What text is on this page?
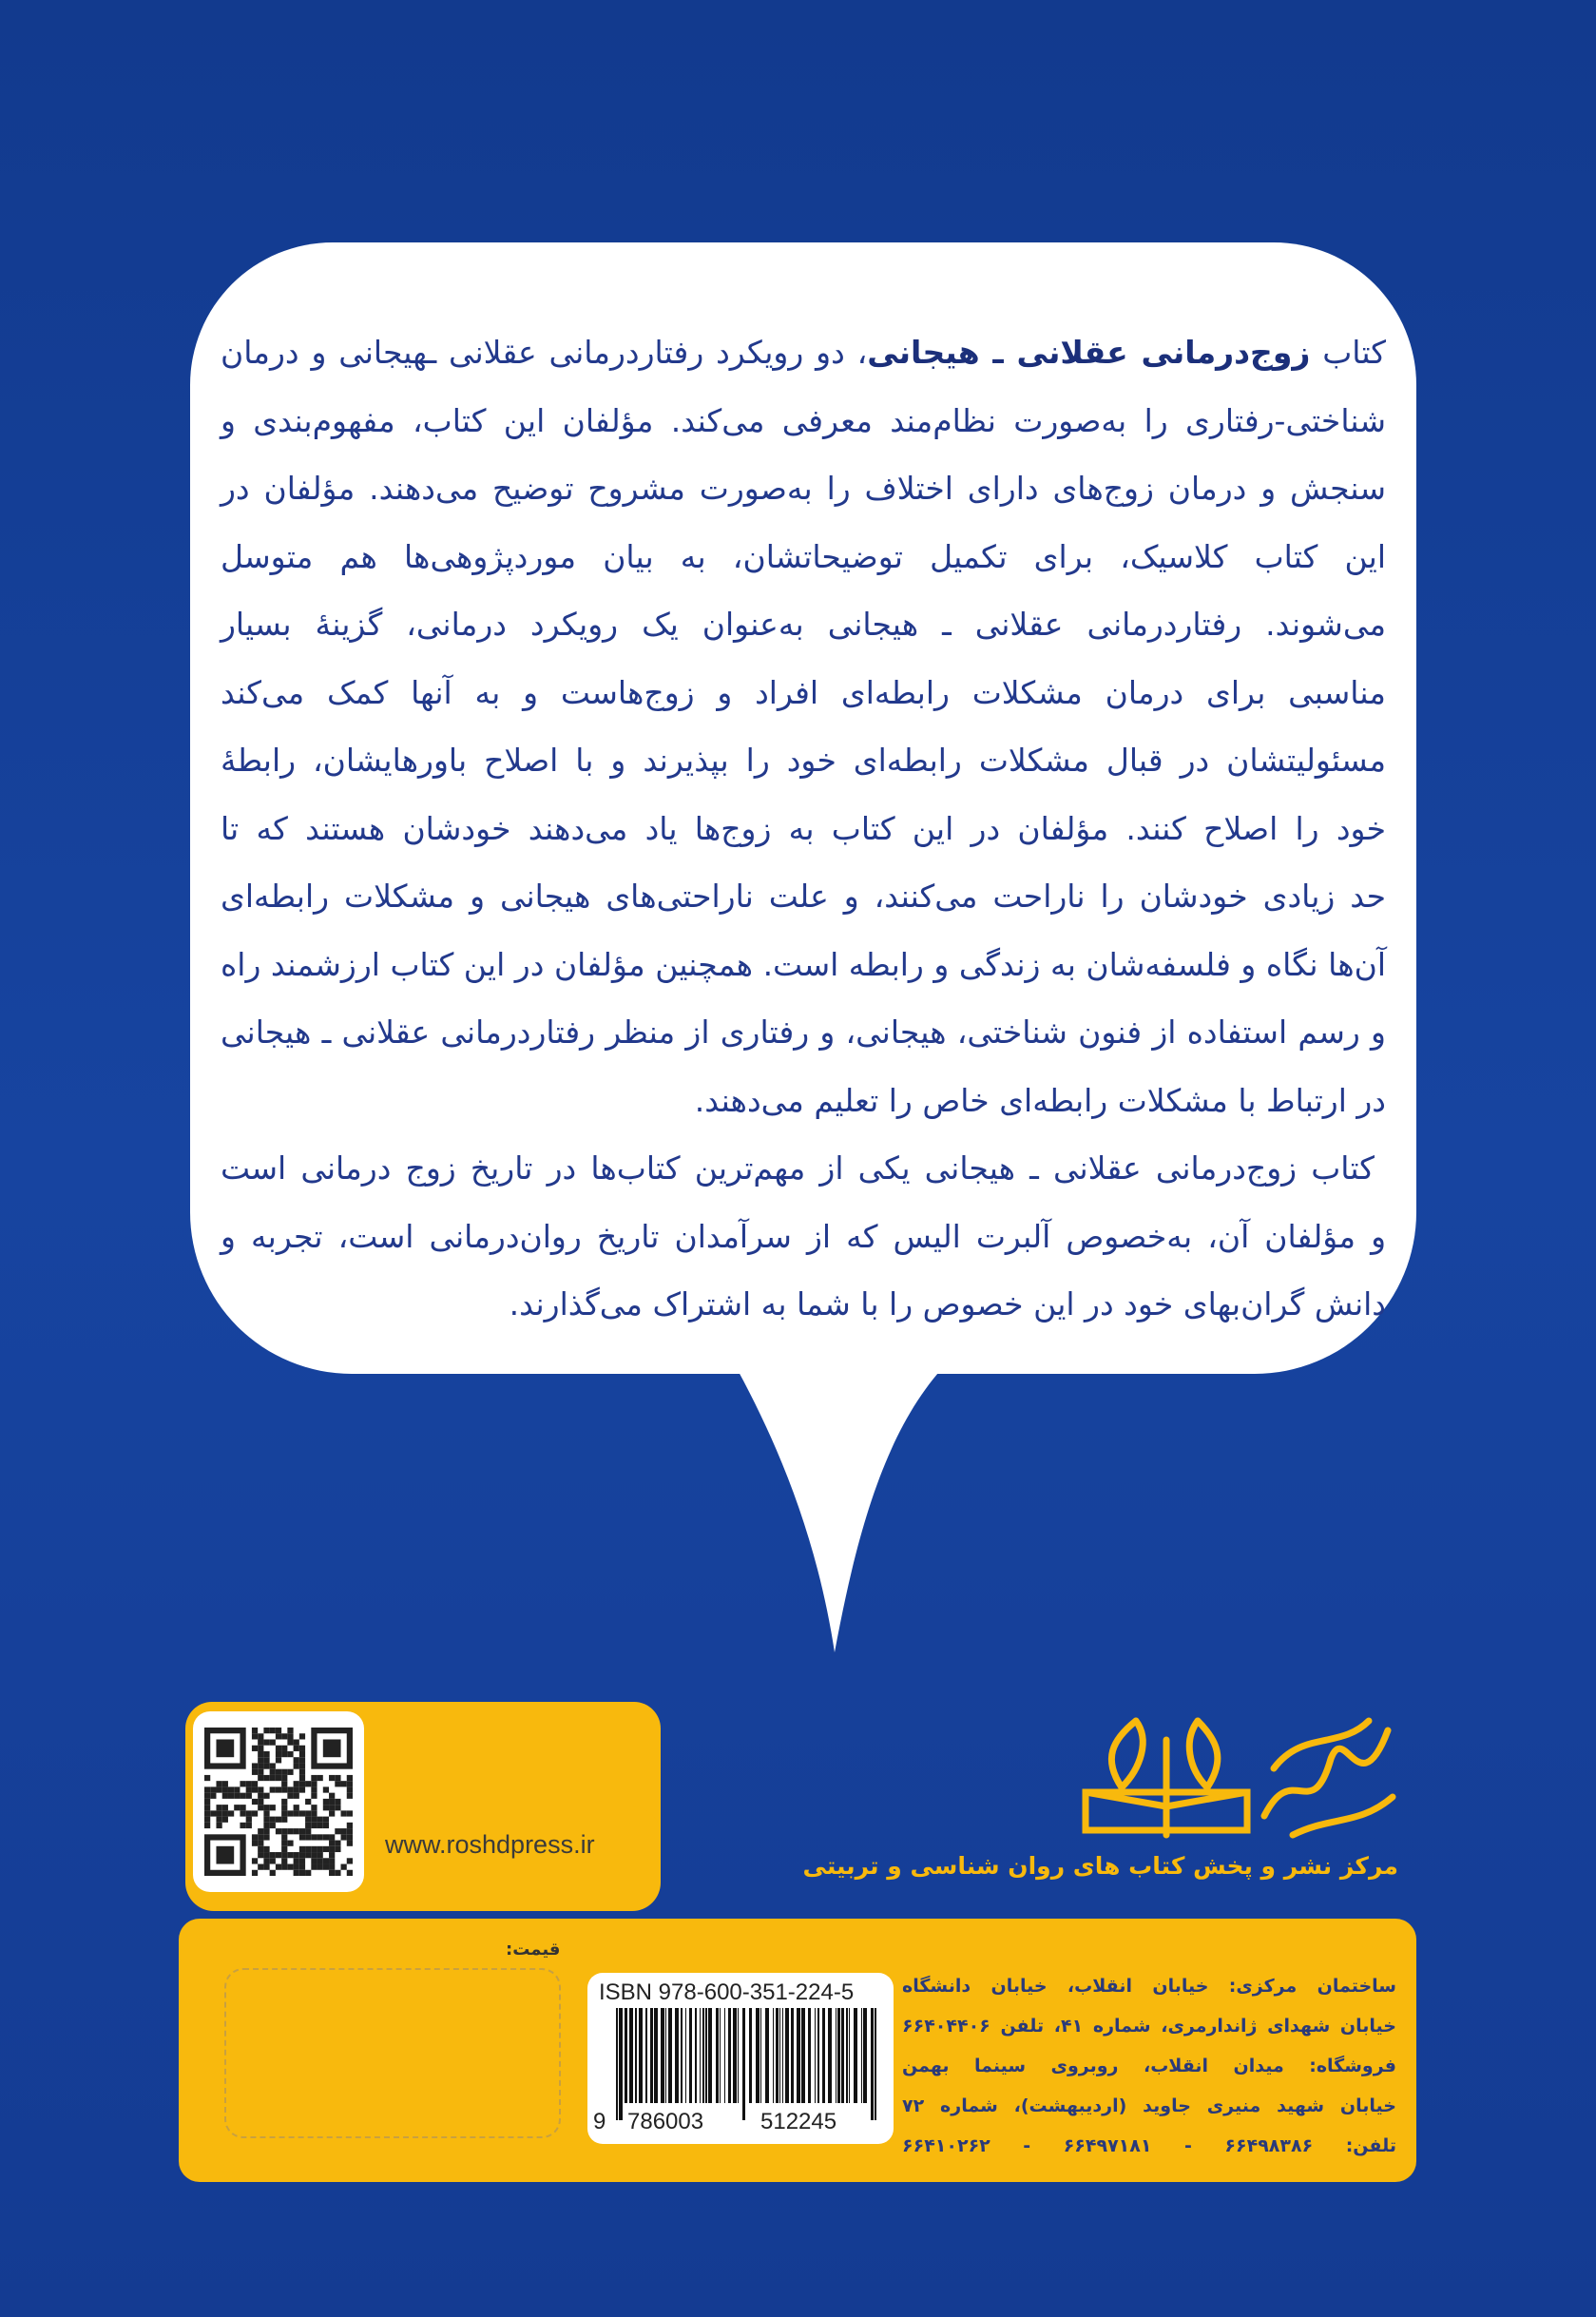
کتاب زوج‌درمانی عقلانی ـ هیجانی، دو رویکرد رفتاردرمانی عقلانی ـهیجانی و درمان
شناختی-رفتاری را به‌صورت نظام‌مند معرفی می‌کند. مؤلفان این کتاب، مفهوم‌بندی و
سنجش و درمان زوج‌های دارای اختلاف را به‌صورت مشروح توضیح می‌دهند. مؤلفان در
این کتاب کلاسیک، برای تکمیل توضیحاتشان، به بیان موردپژوهی‌ها هم متوسل
می‌شوند. رفتاردرمانی عقلانی ـ هیجانی به‌عنوان یک رویکرد درمانی، گزینهٔ بسیار
مناسبی برای درمان مشکلات رابطه‌ای افراد و زوج‌هاست و به آنها کمک می‌کند
مسئولیتشان در قبال مشکلات رابطه‌ای خود را بپذیرند و با اصلاح باورهایشان، رابطهٔ
خود را اصلاح کنند. مؤلفان در این کتاب به زوج‌ها یاد می‌دهند خودشان هستند که تا
حد زیادی خودشان را ناراحت می‌کنند، و علت ناراحتی‌های هیجانی و مشکلات رابطه‌ای
آن‌ها نگاه و فلسفه‌شان به زندگی و رابطه است. همچنین مؤلفان در این کتاب ارزشمند راه
و رسم استفاده از فنون شناختی، هیجانی، و رفتاری از منظر رفتاردرمانی عقلانی ـ هیجانی
در ارتباط با مشکلات رابطه‌ای خاص را تعلیم می‌دهند.
کتاب زوج‌درمانی عقلانی ـ هیجانی یکی از مهم‌ترین کتاب‌ها در تاریخ زوج درمانی است
و مؤلفان آن، به‌خصوص آلبرت الیس که از سرآمدان تاریخ روان‌درمانی است، تجربه و
دانش گران‌بهای خود در این خصوص را با شما به اشتراک می‌گذارند.
www.roshdpress.ir
مرکز نشر و پخش کتاب های روان شناسی و تربیتی
قیمت:
ISBN 978-600-351-224-5
9 786003 512245
ساختمان مرکزی: خیابان انقلاب، خیابان دانشگاه
خیابان شهدای ژاندارمری، شماره ۴۱، تلفن ۶۶۴۰۴۴۰۶
فروشگاه: میدان انقلاب، روبروی سینما بهمن
خیابان شهید منیری جاوید (اردیبهشت)، شماره ۷۲
تلفن: ۶۶۴۹۸۳۸۶ - ۶۶۴۹۷۱۸۱ - ۶۶۴۱۰۲۶۲
